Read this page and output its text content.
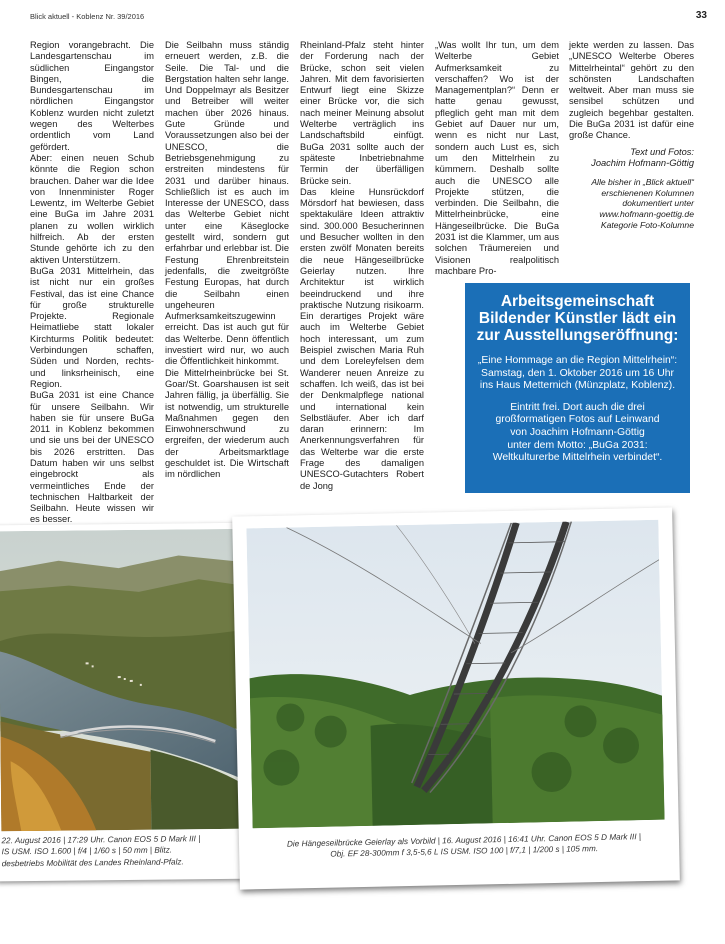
Blick aktuell - Koblenz Nr. 39/2016	33

Region vorangebracht. Die Landesgartenschau im südlichen Eingangstor Bingen, die Bundesgartenschau im nördlichen Eingangstor Koblenz wurden nicht zuletzt wegen des Welterbes ordentlich vom Land gefördert.

Aber: einen neuen Schub könnte die Region schon brauchen. Daher war die Idee von Innenminister Roger Lewentz, im Welterbe Gebiet eine BuGa im Jahre 2031 planen zu wollen wirklich hilfreich. Ab der ersten Stunde gehörte ich zu den aktiven Unterstützern.

BuGa 2031 Mittelrhein, das ist nicht nur ein großes Festival, das ist eine Chance für große strukturelle Projekte. Regionale Heimatliebe statt lokaler Kirchturms Politik bedeutet: Verbindungen schaffen, Süden und Norden, rechts- und linksrheinisch, eine Region.

BuGa 2031 ist eine Chance für unsere Seilbahn. Wir haben sie für unsere BuGa 2011 in Koblenz bekommen und sie uns bei der UNESCO bis 2026 erstritten. Das Datum haben wir uns selbst eingebrockt als vermeintliches Ende der technischen Haltbarkeit der Seilbahn. Heute wissen wir es besser.

Die Seilbahn muss ständig erneuert werden, z.B. die Seile. Die Tal- und die Bergstation halten sehr lange. Und Doppelmayr als Besitzer und Betreiber will weiter machen über 2026 hinaus. Gute Gründe und Voraussetzungen also bei der UNESCO, die Betriebsgenehmigung zu erstreiten mindestens für 2031 und darüber hinaus. Schließlich ist es auch im Interesse der UNESCO, dass das Welterbe Gebiet nicht unter eine Käseglocke gestellt wird, sondern gut erfahrbar und erlebbar ist. Die Festung Ehrenbreitstein jedenfalls, die zweitgrößte Festung Europas, hat durch die Seilbahn einen ungeheuren Aufmerksamkeitszugewinn erreicht. Das ist auch gut für das Welterbe. Denn öffentlich investiert wird nur, wo auch die Öffentlichkeit hinkommt.

Die Mittelrheinbrücke bei St. Goar/St. Goarshausen ist seit Jahren fällig, ja überfällig. Sie ist notwendig, um strukturelle Maßnahmen gegen den Einwohnerschwund zu ergreifen, der wiederum auch der Arbeitsmarktlage geschuldet ist. Die Wirtschaft im nördlichen

Rheinland-Pfalz steht hinter der Forderung nach der Brücke, schon seit vielen Jahren. Mit dem favorisierten Entwurf liegt eine Skizze einer Brücke vor, die sich nach meiner Meinung absolut Welterbe verträglich ins Landschaftsbild einfügt. BuGa 2031 sollte auch der späteste Inbetriebnahme Termin der überfälligen Brücke sein.

Das kleine Hunsrückdorf Mörsdorf hat bewiesen, dass spektakuläre Ideen attraktiv sind. 300.000 Besucherinnen und Besucher wollten in den ersten zwölf Monaten bereits die neue Hängeseilbrücke Geierlay nutzen. Ihre Architektur ist wirklich beeindruckend und ihre praktische Nutzung risikoarm. Ein derartiges Projekt wäre auch im Welterbe Gebiet hoch interessant, um zum Beispiel zwischen Maria Ruh und dem Loreleyfelsen dem Wanderer neuen Anreize zu schaffen. Ich weiß, das ist bei der Denkmalpflege national und international kein Selbstläufer. Aber ich darf daran erinnern: Im Anerkennungsverfahren für das Welterbe war die erste Frage des damaligen UNESCO-Gutachters Robert de Jong

„Was wollt Ihr tun, um dem Welterbe Gebiet Aufmerksamkeit zu verschaffen? Wo ist der Managementplan?“ Denn er hatte genau gewusst, pfleglich geht man mit dem Gebiet auf Dauer nur um, wenn es nicht nur Last, sondern auch Lust es, sich um den Mittelrhein zu kümmern. Deshalb sollte auch die UNESCO alle Projekte stützen, die verbinden. Die Seilbahn, die Mittelrheinbrücke, eine Hängeseilbrücke. Die BuGa 2031 ist die Klammer, um aus solchen Träumereien und Visionen realpolitisch machbare Pro-

jekte werden zu lassen. Das „UNESCO Welterbe Oberes Mittelrheintal“ gehört zu den schönsten Landschaften weltweit. Aber man muss sie sensibel schützen und zugleich begehbar gestalten. Die BuGa 2031 ist dafür eine große Chance.

Text und Fotos:
Joachim Hofmann-Göttig
Alle bisher in „Blick aktuell“
erschienenen Kolumnen
dokumentiert unter
www.hofmann-goettig.de
Kategorie Foto-Kolumne
Arbeitsgemeinschaft
Bildender Künstler lädt ein
zur Ausstellungseröffnung:
„Eine Hommage an die Region Mittelrhein“:
Samstag, den 1. Oktober 2016 um 16 Uhr
ins Haus Metternich (Münzplatz, Koblenz).
Eintritt frei. Dort auch die drei
großformatigen Fotos auf Leinwand
von Joachim Hofmann-Göttig
unter dem Motto: „BuGa 2031:
Weltkulturerbe Mittelrhein verbindet“.
22. August 2016 | 17:29 Uhr. Canon EOS 5 D Mark III |
IS USM. ISO 1.600 | f/4 | 1/60 s | 50 mm | Blitz.
desbetriebs Mobilität des Landes Rheinland-Pfalz.
Die Hängeseilbrücke Geierlay als Vorbild | 16. August 2016 | 16:41 Uhr. Canon EOS 5 D Mark III |
Obj. EF 28-300mm f 3,5-5,6 L IS USM. ISO 100 | f/7,1 | 1/200 s | 105 mm.
